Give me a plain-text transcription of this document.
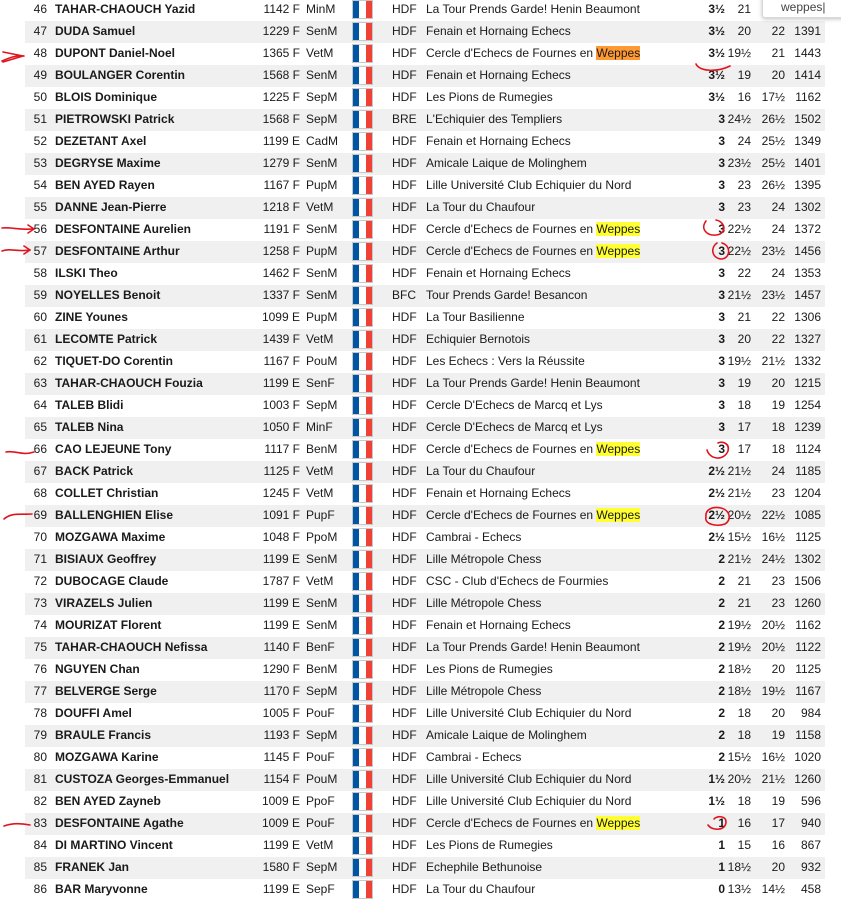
46 TAHAR-CHAOUCH Yazid	1142 F MinM	HDF La Tour Prends Garde! Henin Beaumont	3½	21
47 DUDA Samuel	1229 F SenM	HDF Fenain et Hornaing Echecs	3½	20	22 1391
48 DUPONT Daniel-Noel	1365 F VetM	HDF Cercle d'Echecs de Fournes en Weppes	3½ 19½	21 1443
49 BOULANGER Corentin	1568 F SenM	HDF Fenain et Hornaing Echecs	3½	19	20 1414
50 BLOIS Dominique	1225 F SepM	HDF Les Pions de Rumegies	3½	16 17½ 1162
51 PIETROWSKI Patrick	1568 F SepM	BRE L'Echiquier des Templiers	3 24½ 26½ 1502
52 DEZETANT Axel	1199 E CadM	HDF Fenain et Hornaing Echecs	3	24 25½ 1349
53 DEGRYSE Maxime	1279 F SenM	HDF Amicale Laique de Molinghem	3 23½ 25½ 1401
54 BEN AYED Rayen	1167 F PupM	HDF Lille Université Club Echiquier du Nord	3	23 26½ 1395
55 DANNE Jean-Pierre	1218 F VetM	HDF La Tour du Chaufour	3	23	24 1302
56 DESFONTAINE Aurelien	1191 F SenM	HDF Cercle d'Echecs de Fournes en Weppes	3 22½	24 1372
57 DESFONTAINE Arthur	1258 F PupM	HDF Cercle d'Echecs de Fournes en Weppes	3 22½ 23½ 1456
58 ILSKI Theo	1462 F SenM	HDF Fenain et Hornaing Echecs	3	22	24 1353
59 NOYELLES Benoit	1337 F SenM	BFC Tour Prends Garde! Besancon	3 21½ 23½ 1457
60 ZINE Younes	1099 E PupM	HDF La Tour Basilienne	3	21	22 1306
61 LECOMTE Patrick	1439 F VetM	HDF Echiquier Bernotois	3	20	22 1327
62 TIQUET-DO Corentin	1167 F PouM	HDF Les Echecs : Vers la Réussite	3 19½ 21½ 1332
63 TAHAR-CHAOUCH Fouzia	1199 E SenF	HDF La Tour Prends Garde! Henin Beaumont	3	19	20 1215
64 TALEB Blidi	1003 F SepM	HDF Cercle D'Echecs de Marcq et Lys	3	18	19 1254
65 TALEB Nina	1050 F MinF	HDF Cercle D'Echecs de Marcq et Lys	3	17	18 1239
66 CAO LEJEUNE Tony	1117 F BenM	HDF Cercle d'Echecs de Fournes en Weppes	3	17	18 1124
67 BACK Patrick	1125 F VetM	HDF La Tour du Chaufour	2½ 21½	24 1185
68 COLLET Christian	1245 F VetM	HDF Fenain et Hornaing Echecs	2½ 21½	23 1204
69 BALLENGHIEN Elise	1091 F PupF	HDF Cercle d'Echecs de Fournes en Weppes	2½ 20½ 22½ 1085
70 MOZGAWA Maxime	1048 F PpoM	HDF Cambrai - Echecs	2½ 15½ 16½ 1125
71 BISIAUX Geoffrey	1199 E SenM	HDF Lille Métropole Chess	2 21½ 24½ 1302
72 DUBOCAGE Claude	1787 F VetM	HDF CSC - Club d'Echecs de Fourmies	2	21	23 1506
73 VIRAZELS Julien	1199 E SenM	HDF Lille Métropole Chess	2	21	23 1260
74 MOURIZAT Florent	1199 E SenM	HDF Fenain et Hornaing Echecs	2 19½ 20½ 1162
75 TAHAR-CHAOUCH Nefissa	1140 F BenF	HDF La Tour Prends Garde! Henin Beaumont	2 19½ 20½ 1122
76 NGUYEN Chan	1290 F BenM	HDF Les Pions de Rumegies	2 18½	20 1125
77 BELVERGE Serge	1170 F SepM	HDF Lille Métropole Chess	2 18½ 19½ 1167
78 DOUFFI Amel	1005 F PouF	HDF Lille Université Club Echiquier du Nord	2	18	20	984
79 BRAULE Francis	1193 F SepM	HDF Amicale Laique de Molinghem	2	18	19 1158
80 MOZGAWA Karine	1145 F PouF	HDF Cambrai - Echecs	2 15½ 16½ 1020
81 CUSTOZA Georges-Emmanuel	1154 F PouM	HDF Lille Université Club Echiquier du Nord	1½ 20½ 21½ 1260
82 BEN AYED Zayneb	1009 E PpoF	HDF Lille Université Club Echiquier du Nord	1½	18	19	596
83 DESFONTAINE Agathe	1009 E PouF	HDF Cercle d'Echecs de Fournes en Weppes	1	16	17	940
84 DI MARTINO Vincent	1199 E VetM	HDF Les Pions de Rumegies	1	15	16	867
85 FRANEK Jan	1580 F SepM	HDF Echephile Bethunoise	1 18½	20	932
86 BAR Maryvonne	1199 E SepF	HDF La Tour du Chaufour	0 13½ 14½	458
weppes|
